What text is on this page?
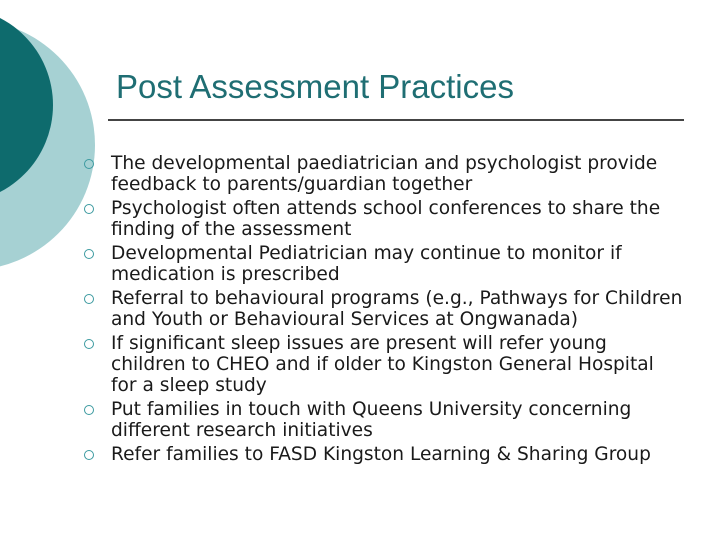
Post Assessment Practices
The developmental paediatrician and psychologist provide feedback to parents/guardian together
Psychologist often attends school conferences to share the finding of the assessment
Developmental Pediatrician may continue to monitor if medication is prescribed
Referral to behavioural programs (e.g., Pathways for Children and Youth or Behavioural Services at Ongwanada)
If significant sleep issues are present will refer young children to CHEO and if older to Kingston General Hospital for a sleep study
Put families in touch with Queens University concerning different research initiatives
Refer families to FASD Kingston Learning & Sharing Group
